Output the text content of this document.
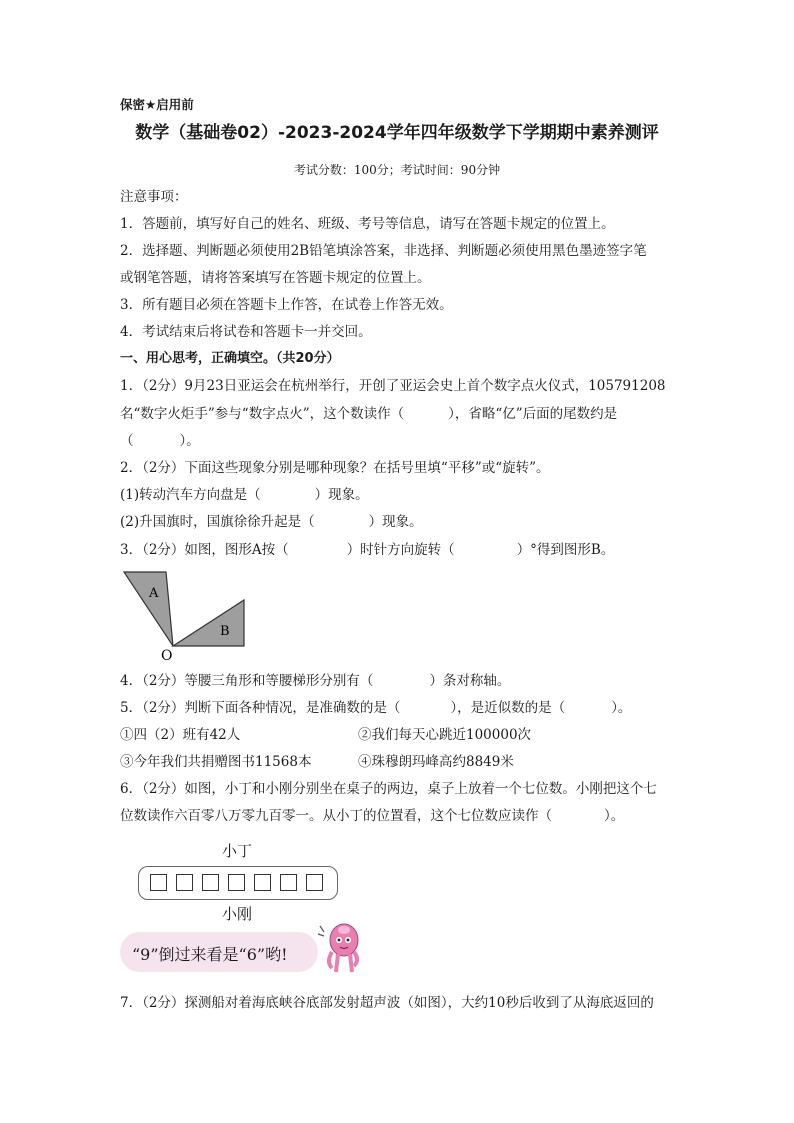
保密★启用前
数学（基础卷02）-2023-2024学年四年级数学下学期期中素养测评
考试分数：100分；考试时间：90分钟
注意事项：
1．答题前，填写好自己的姓名、班级、考号等信息，请写在答题卡规定的位置上。
2．选择题、判断题必须使用2B铅笔填涂答案，非选择、判断题必须使用黑色墨迹签字笔
或钢笔答题，请将答案填写在答题卡规定的位置上。
3．所有题目必须在答题卡上作答，在试卷上作答无效。
4．考试结束后将试卷和答题卡一并交回。
一、用心思考，正确填空。（共20分）
1．（2分）9月23日亚运会在杭州举行，开创了亚运会史上首个数字点火仪式，105791208
名“数字火炬手”参与“数字点火”，这个数读作（	），省略“亿”后面的尾数约是
（	）。
2．（2分）下面这些现象分别是哪种现象？在括号里填“平移”或“旋转”。
(1)转动汽车方向盘是（	）现象。
(2)升国旗时，国旗徐徐升起是（	）现象。
3．（2分）如图，图形A按（	）时针方向旋转（	）°得到图形B。
A
B
O
4．（2分）等腰三角形和等腰梯形分别有（	）条对称轴。
5．（2分）判断下面各种情况，是准确数的是（	），是近似数的是（	）。
①四（2）班有42人	②我们每天心跳近100000次
③今年我们共捐赠图书11568本	④珠穆朗玛峰高约8849米
6．（2分）如图，小丁和小刚分别坐在桌子的两边，桌子上放着一个七位数。小刚把这个七
位数读作六百零八万零九百零一。从小丁的位置看，这个七位数应读作（	）。
小丁
小刚
“9”倒过来看是“6”哟!
7．（2分）探测船对着海底峡谷底部发射超声波（如图），大约10秒后收到了从海底返回的
